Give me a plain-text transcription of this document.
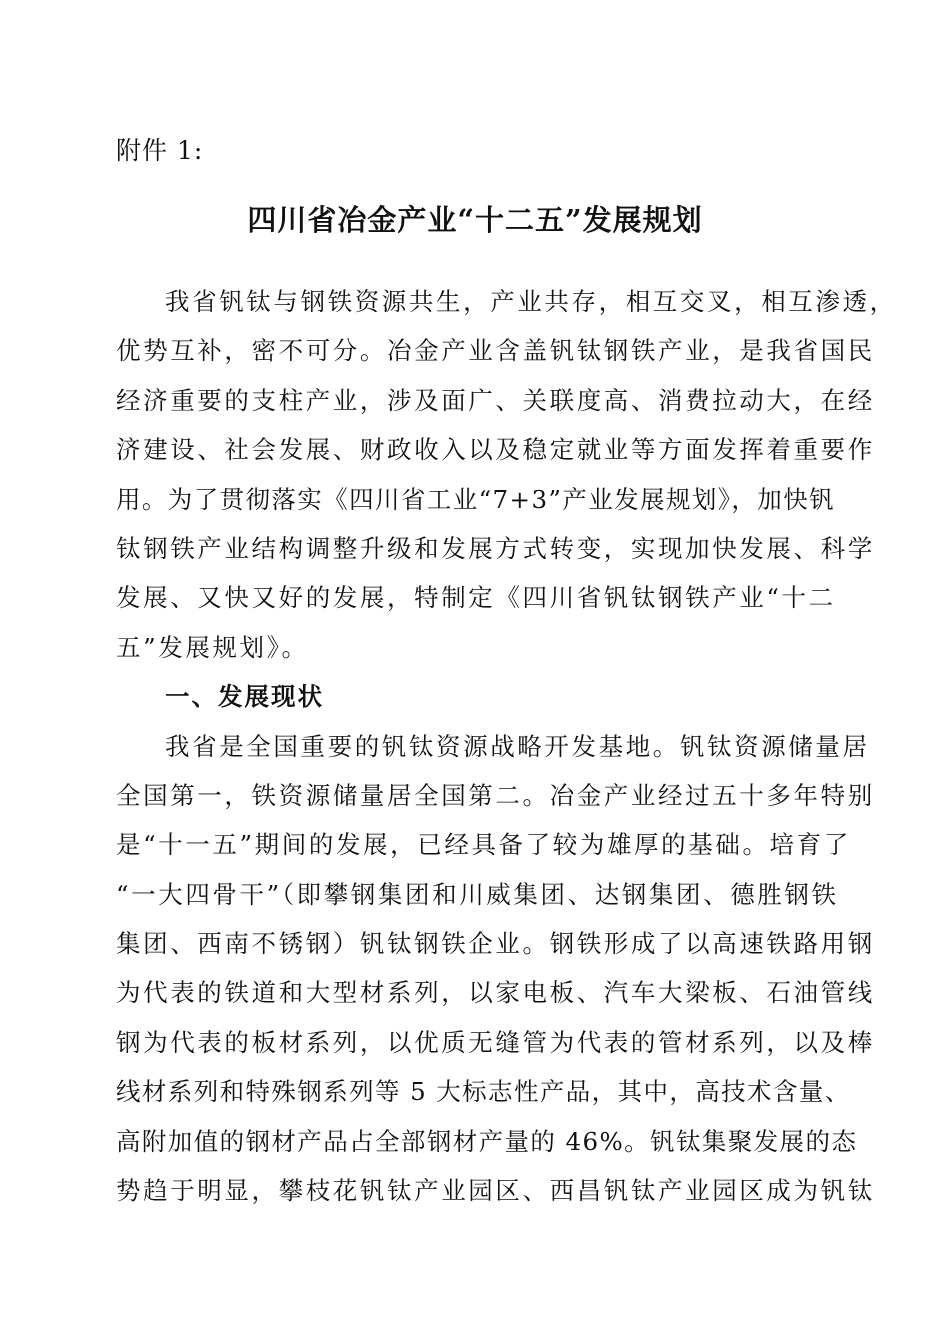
附件 1:
四川省冶金产业“十二五”发展规划
我省钒钛与钢铁资源共生，产业共存，相互交叉，相互渗透，
优势互补，密不可分。冶金产业含盖钒钛钢铁产业，是我省国民
经济重要的支柱产业，涉及面广、关联度高、消费拉动大，在经
济建设、社会发展、财政收入以及稳定就业等方面发挥着重要作
用。为了贯彻落实《四川省工业“7+3”产业发展规划》，加快钒
钛钢铁产业结构调整升级和发展方式转变，实现加快发展、科学
发展、又快又好的发展，特制定《四川省钒钛钢铁产业“十二
五”发展规划》。
一、发展现状
我省是全国重要的钒钛资源战略开发基地。钒钛资源储量居
全国第一，铁资源储量居全国第二。冶金产业经过五十多年特别
是“十一五”期间的发展，已经具备了较为雄厚的基础。培育了
“一大四骨干”（即攀钢集团和川威集团、达钢集团、德胜钢铁
集团、西南不锈钢）钒钛钢铁企业。钢铁形成了以高速铁路用钢
为代表的铁道和大型材系列，以家电板、汽车大梁板、石油管线
钢为代表的板材系列，以优质无缝管为代表的管材系列，以及棒
线材系列和特殊钢系列等 5 大标志性产品，其中，高技术含量、
高附加值的钢材产品占全部钢材产量的 46%。钒钛集聚发展的态
势趋于明显，攀枝花钒钛产业园区、西昌钒钛产业园区成为钒钛
